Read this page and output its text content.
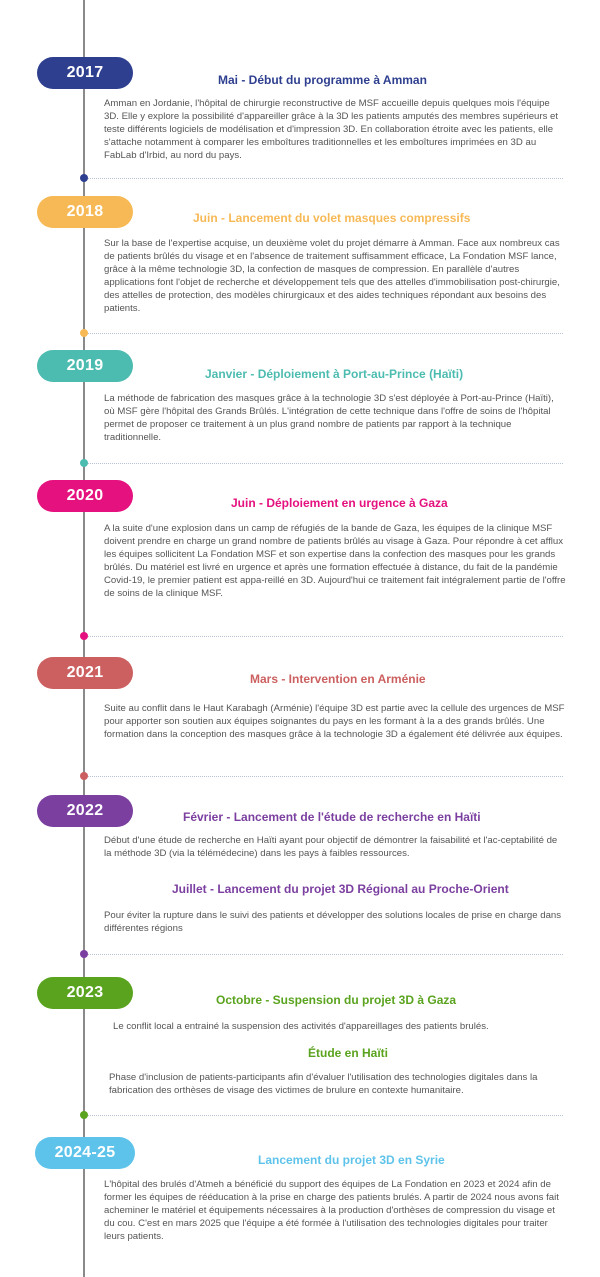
2017	Mai - Début du programme à Amman
Amman en Jordanie, l'hôpital de chirurgie reconstructive de MSF accueille depuis quelques mois l'équipe 3D. Elle y explore la possibilité d'appareiller grâce à la 3D les patients amputés des membres supérieurs et teste différents logiciels de modélisation et d'impression 3D. En collaboration étroite avec les patients, elle s'attache notamment à comparer les emboîtures traditionnelles et les emboîtures imprimées en 3D au FabLab d'Irbid, au nord du pays.
2018	Juin - Lancement du volet masques compressifs
Sur la base de l'expertise acquise, un deuxième volet du projet démarre à Amman. Face aux nombreux cas de patients brûlés du visage et en l'absence de traitement suffisamment efficace, La Fondation MSF lance, grâce à la même technologie 3D, la confection de masques de compression. En parallèle d'autres applications font l'objet de recherche et développement tels que des attelles d'immobilisation post-chirurgie, des attelles de protection, des modèles chirurgicaux et des aides techniques répondant aux besoins des patients.
2019	Janvier - Déploiement à Port-au-Prince (Haïti)
La méthode de fabrication des masques grâce à la technologie 3D s'est déployée à Port-au-Prince (Haïti), où MSF gère l'hôpital des Grands Brûlés. L'intégration de cette technique dans l'offre de soins de l'hôpital permet de proposer ce traitement à un plus grand nombre de patients par rapport à la technique traditionnelle.
2020	Juin - Déploiement en urgence à Gaza
A la suite d'une explosion dans un camp de réfugiés de la bande de Gaza, les équipes de la clinique MSF doivent prendre en charge un grand nombre de patients brûlés au visage à Gaza. Pour répondre à cet afflux les équipes sollicitent La Fondation MSF et son expertise dans la confection des masques pour les grands brûlés. Du matériel est livré en urgence et après une formation effectuée à distance, du fait de la pandémie Covid-19, le premier patient est appa-reillé en 3D. Aujourd'hui ce traitement fait intégralement partie de l'offre de soins de la clinique MSF.
2021	Mars - Intervention en Arménie
Suite au conflit dans le Haut Karabagh (Arménie) l'équipe 3D est partie avec la cellule des urgences de MSF pour apporter son soutien aux équipes soignantes du pays en les formant à la a des grands brûlés. Une formation dans la conception des masques grâce à la technologie 3D a également été délivrée aux équipes.
2022	Février - Lancement de l'étude de recherche en Haïti
Début d'une étude de recherche en Haïti ayant pour objectif de démontrer la faisabilité et l'ac-ceptabilité de la méthode 3D (via la télémédecine) dans les pays à faibles ressources.
Juillet - Lancement du projet 3D Régional au Proche-Orient
Pour éviter la rupture dans le suivi des patients et développer des solutions locales de prise en charge dans différentes régions
2023	Octobre - Suspension du projet 3D à Gaza
Le conflit local a entrainé la suspension des activités d'appareillages des patients brulés.
Étude en Haïti
Phase d'inclusion de patients-participants afin d'évaluer l'utilisation des technologies digitales dans la fabrication des orthèses de visage des victimes de brulure en contexte humanitaire.
2024-25	Lancement du projet 3D en Syrie
L'hôpital des brulés d'Atmeh a bénéficié du support des équipes de La Fondation en 2023 et 2024 afin de former les équipes de rééducation à la prise en charge des patients brulés. A partir de 2024 nous avons fait acheminer le matériel et équipements nécessaires à la production d'orthèses de compression du visage et du cou. C'est en mars 2025 que l'équipe a été formée à l'utilisation des technologies digitales pour traiter leurs patients.
